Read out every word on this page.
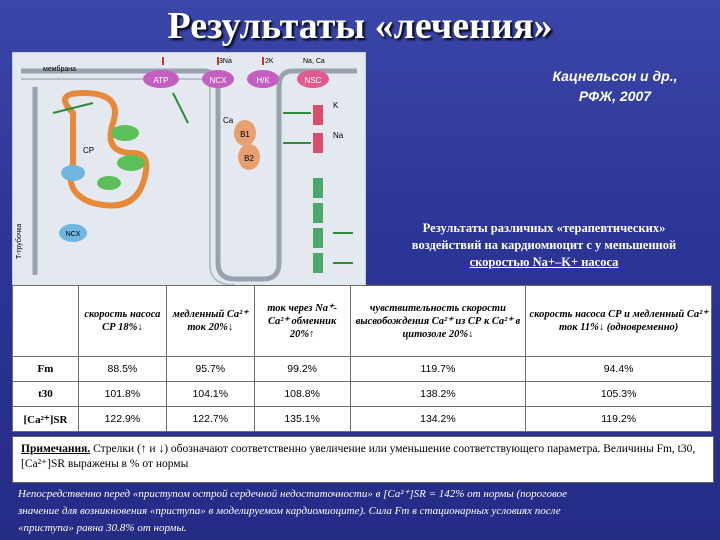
Результаты «лечения»
ATP	NCX	H/K	NSC
NCX
B1
B2
Ca
K
Na
мембрана
3Na	2K	Na, Ca
СР
T-трубочка
Кацнельсон и др.,
РФЖ, 2007
Результаты различных «терапевтических»
воздействий на кардиомиоцит с у меньшенной
скоростью Na+–K+ насоса
	скорость насоса СР 18%↓	медленный Ca²⁺ ток 20%↓	ток через Na⁺-Ca²⁺ обменник 20%↑	чувствительность скорости высвобождения Ca²⁺ из СР к Ca²⁺ в цитозоле 20%↓	скорость насоса СР и медленный Ca²⁺ ток 11%↓ (одновременно)
Fm	88.5%	95.7%	99.2%	119.7%	94.4%
t30	101.8%	104.1%	108.8%	138.2%	105.3%
[Ca²⁺]SR	122.9%	122.7%	135.1%	134.2%	119.2%
Примечания. Стрелки (↑ и ↓) обозначают соответственно увеличение или уменьшение соответствующего параметра. Величины Fm, t30, [Ca²⁺]SR выражены в % от нормы
Непосредственно перед «приступом острой сердечной недостаточности» в [Ca²⁺]SR = 142% от нормы (пороговое
значение для возникновения «приступа» в моделируемом кардиомиоците). Сила Fm в стационарных условиях после
«приступа» равна 30.8% от нормы.
